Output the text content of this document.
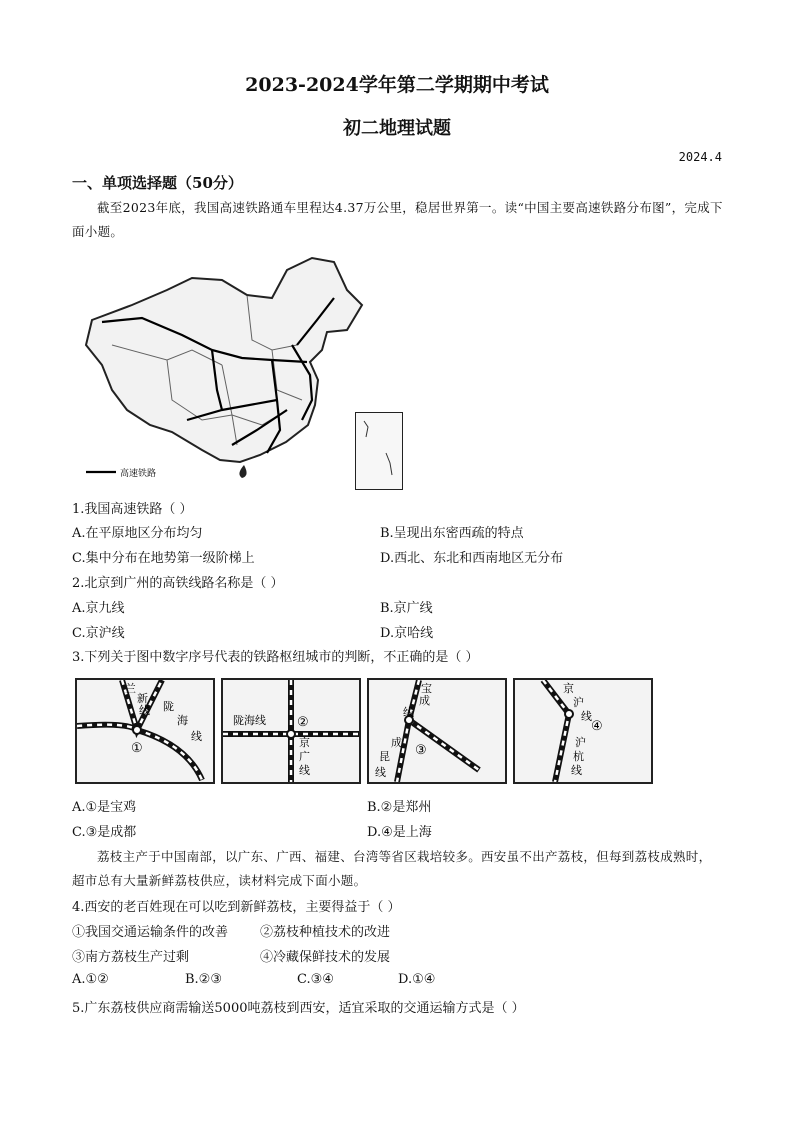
2023-2024学年第二学期期中考试
初二地理试题
2024.4
一、单项选择题（50分）
截至2023年底，我国高速铁路通车里程达4.37万公里，稳居世界第一。读“中国主要高速铁路分布图”，完成下面小题。
高速铁路
1.我国高速铁路（ ）
A.在平原地区分布均匀	B.呈现出东密西疏的特点
C.集中分布在地势第一级阶梯上	D.西北、东北和西南地区无分布
2.北京到广州的高铁线路名称是（ ）
A.京九线	B.京广线
C.京沪线	D.京哈线
3.下列关于图中数字序号代表的铁路枢纽城市的判断，不正确的是（ ）
兰
新
线 陇
海
线
①
陇海线
京
广
线
②
宝
成
线
成
昆
线
③
京
沪
线
沪
杭
线
④
A.①是宝鸡	B.②是郑州
C.③是成都	D.④是上海
荔枝主产于中国南部，以广东、广西、福建、台湾等省区栽培较多。西安虽不出产荔枝，但每到荔枝成熟时，超市总有大量新鲜荔枝供应，读材料完成下面小题。
4.西安的老百姓现在可以吃到新鲜荔枝，主要得益于（ ）
①我国交通运输条件的改善 ②荔枝种植技术的改进
③南方荔枝生产过剩	④冷藏保鲜技术的发展
A.①②	B.②③	C.③④	D.①④
5.广东荔枝供应商需输送5000吨荔枝到西安，适宜采取的交通运输方式是（ ）
